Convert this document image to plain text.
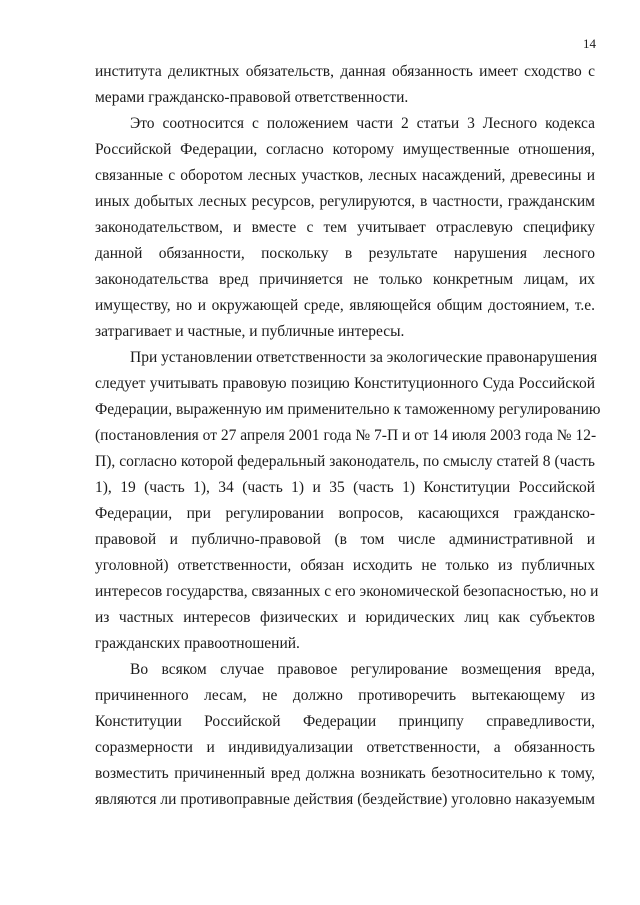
14
института деликтных обязательств, данная обязанность имеет сходство с
мерами гражданско-правовой ответственности.
Это соотносится с положением части 2 статьи 3 Лесного кодекса
Российской Федерации, согласно которому имущественные отношения,
связанные с оборотом лесных участков, лесных насаждений, древесины и
иных добытых лесных ресурсов, регулируются, в частности, гражданским
законодательством, и вместе с тем учитывает отраслевую специфику
данной обязанности, поскольку в результате нарушения лесного
законодательства вред причиняется не только конкретным лицам, их
имуществу, но и окружающей среде, являющейся общим достоянием, т.е.
затрагивает и частные, и публичные интересы.
При установлении ответственности за экологические правонарушения
следует учитывать правовую позицию Конституционного Суда Российской
Федерации, выраженную им применительно к таможенному регулированию
(постановления от 27 апреля 2001 года № 7-П и от 14 июля 2003 года № 12-
П), согласно которой федеральный законодатель, по смыслу статей 8 (часть
1), 19 (часть 1), 34 (часть 1) и 35 (часть 1) Конституции Российской
Федерации, при регулировании вопросов, касающихся гражданско-
правовой и публично-правовой (в том числе административной и
уголовной) ответственности, обязан исходить не только из публичных
интересов государства, связанных с его экономической безопасностью, но и
из частных интересов физических и юридических лиц как субъектов
гражданских правоотношений.
Во всяком случае правовое регулирование возмещения вреда,
причиненного лесам, не должно противоречить вытекающему из
Конституции Российской Федерации принципу справедливости,
соразмерности и индивидуализации ответственности, а обязанность
возместить причиненный вред должна возникать безотносительно к тому,
являются ли противоправные действия (бездействие) уголовно наказуемым
